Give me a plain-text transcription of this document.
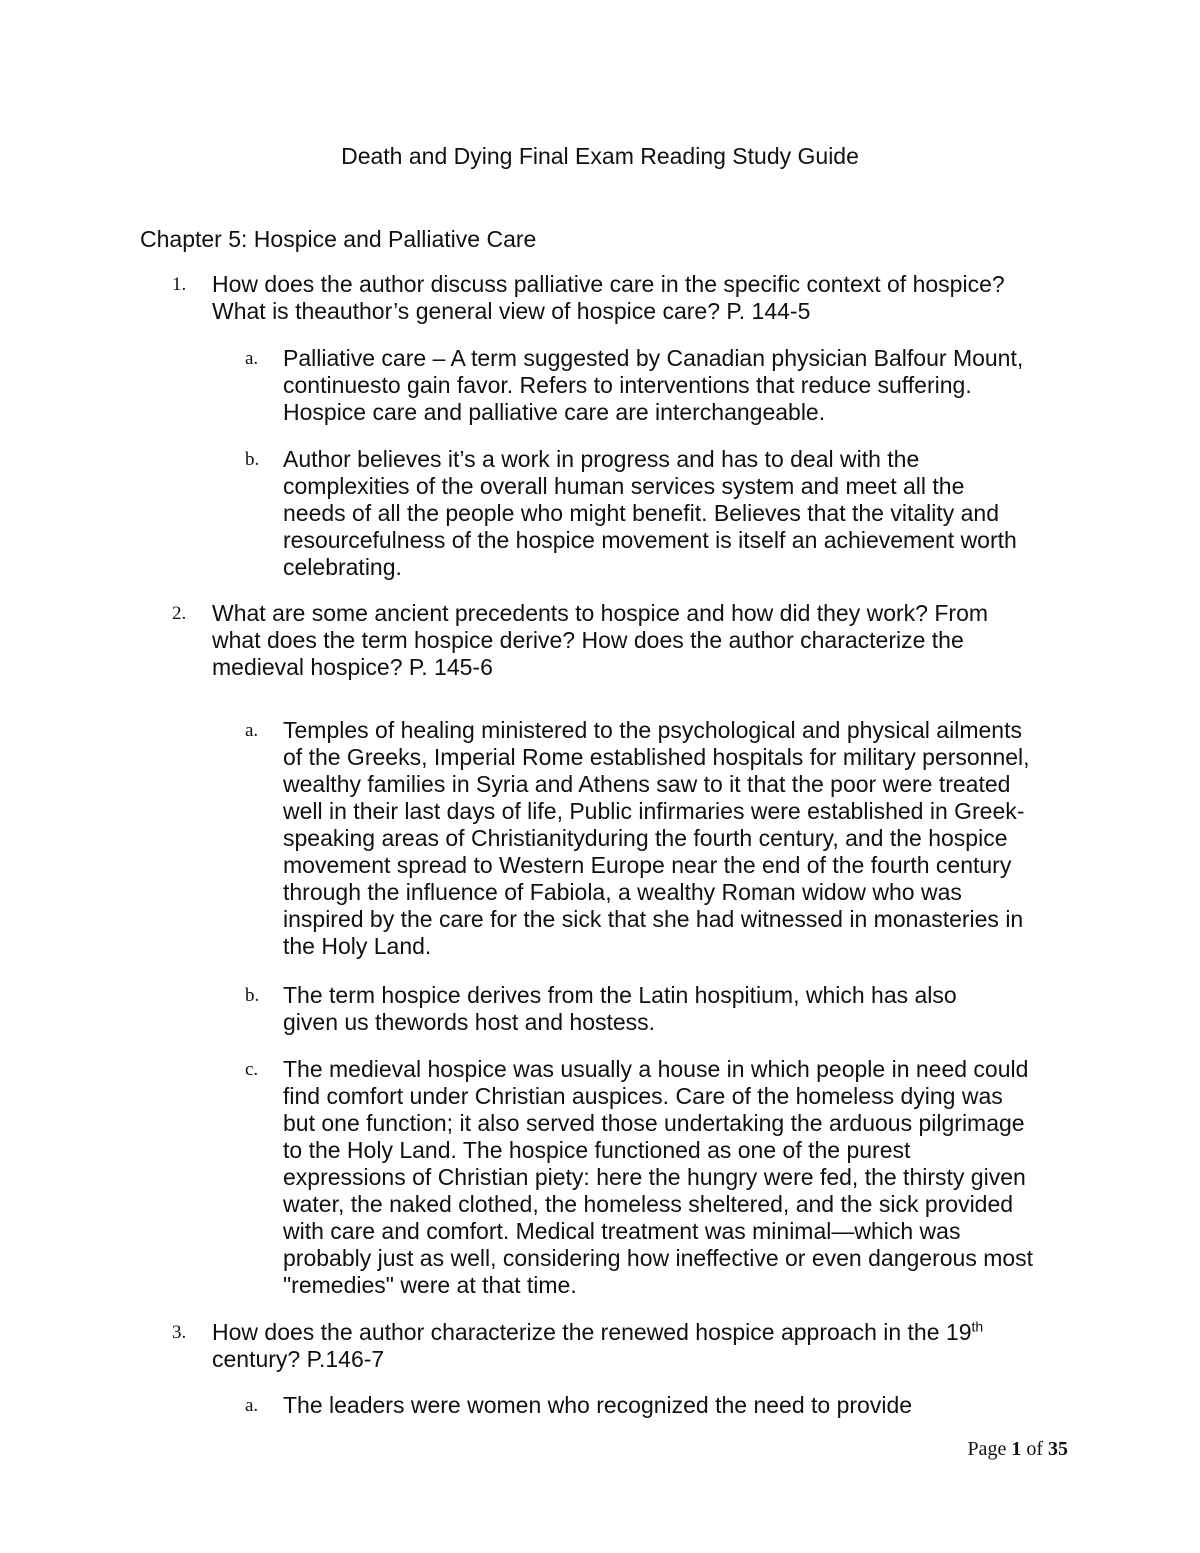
Death and Dying Final Exam Reading Study Guide
Chapter 5: Hospice and Palliative Care
1. How does the author discuss palliative care in the specific context of hospice?
What is theauthor’s general view of hospice care? P. 144-5
a. Palliative care – A term suggested by Canadian physician Balfour Mount,
continuesto gain favor. Refers to interventions that reduce suffering.
Hospice care and palliative care are interchangeable.
b. Author believes it’s a work in progress and has to deal with the
complexities of the overall human services system and meet all the
needs of all the people who might benefit. Believes that the vitality and
resourcefulness of the hospice movement is itself an achievement worth
celebrating.
2. What are some ancient precedents to hospice and how did they work? From
what does the term hospice derive? How does the author characterize the
medieval hospice? P. 145-6
a. Temples of healing ministered to the psychological and physical ailments
of the Greeks, Imperial Rome established hospitals for military personnel,
wealthy families in Syria and Athens saw to it that the poor were treated
well in their last days of life, Public infirmaries were established in Greek-
speaking areas of Christianityduring the fourth century, and the hospice
movement spread to Western Europe near the end of the fourth century
through the influence of Fabiola, a wealthy Roman widow who was
inspired by the care for the sick that she had witnessed in monasteries in
the Holy Land.
b. The term hospice derives from the Latin hospitium, which has also
given us thewords host and hostess.
c. The medieval hospice was usually a house in which people in need could
find comfort under Christian auspices. Care of the homeless dying was
but one function; it also served those undertaking the arduous pilgrimage
to the Holy Land. The hospice functioned as one of the purest
expressions of Christian piety: here the hungry were fed, the thirsty given
water, the naked clothed, the homeless sheltered, and the sick provided
with care and comfort. Medical treatment was minimal—which was
probably just as well, considering how ineffective or even dangerous most
"remedies" were at that time.
3. How does the author characterize the renewed hospice approach in the 19th
century? P.146-7
a. The leaders were women who recognized the need to provide
Page 1 of 35
